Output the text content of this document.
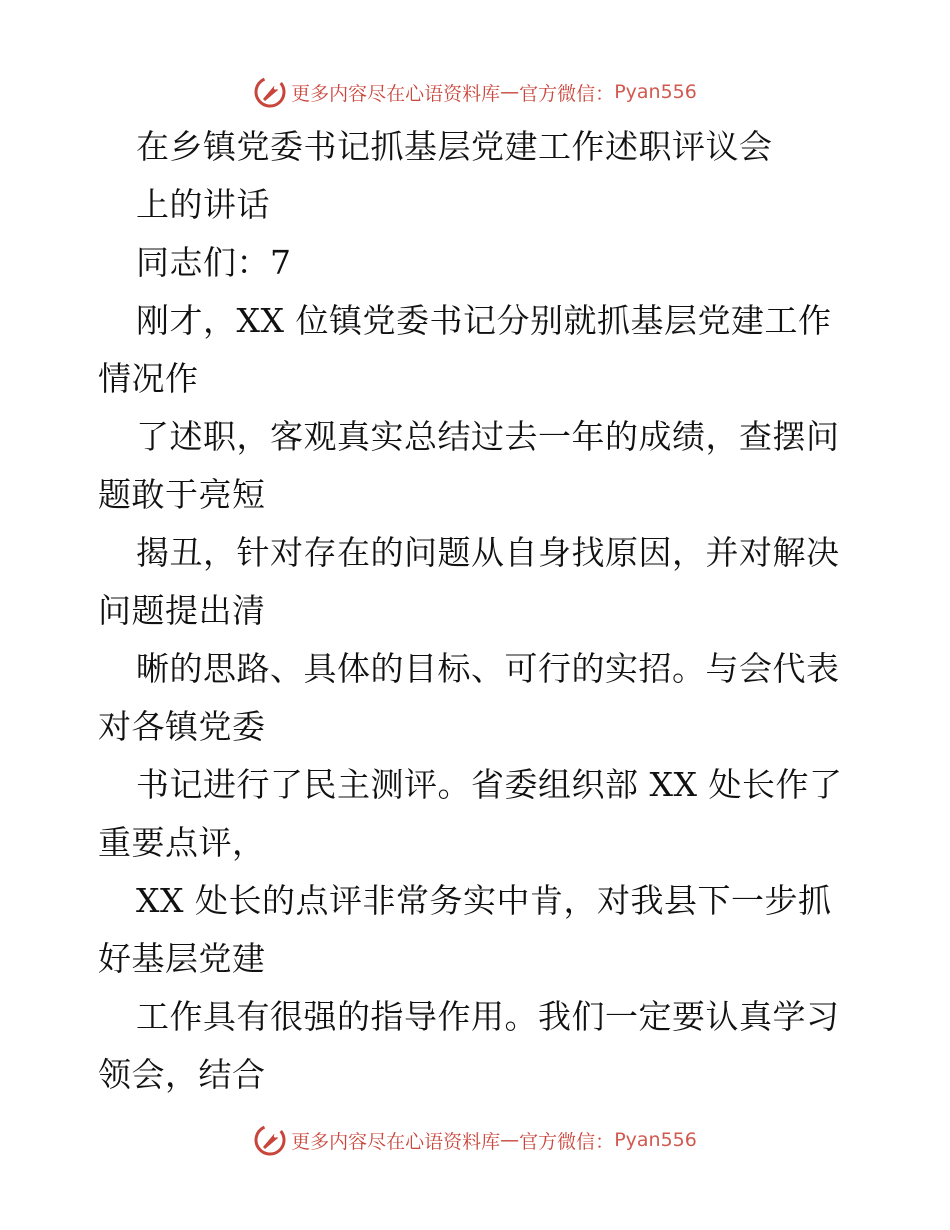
更多内容尽在心语资料库 — 官方微信： Pyan556
在乡镇党委书记抓基层党建工作述职评议会
上的讲话
同志们：7
刚才，XX 位镇党委书记分别就抓基层党建工作
情况作
了述职，客观真实总结过去一年的成绩，查摆问
题敢于亮短
揭丑，针对存在的问题从自身找原因，并对解决
问题提出清
晰的思路、具体的目标、可行的实招。与会代表
对各镇党委
书记进行了民主测评。省委组织部 XX 处长作了
重要点评，
XX 处长的点评非常务实中肯，对我县下一步抓
好基层党建
工作具有很强的指导作用。我们一定要认真学习
领会，结合
更多内容尽在心语资料库 — 官方微信： Pyan556
